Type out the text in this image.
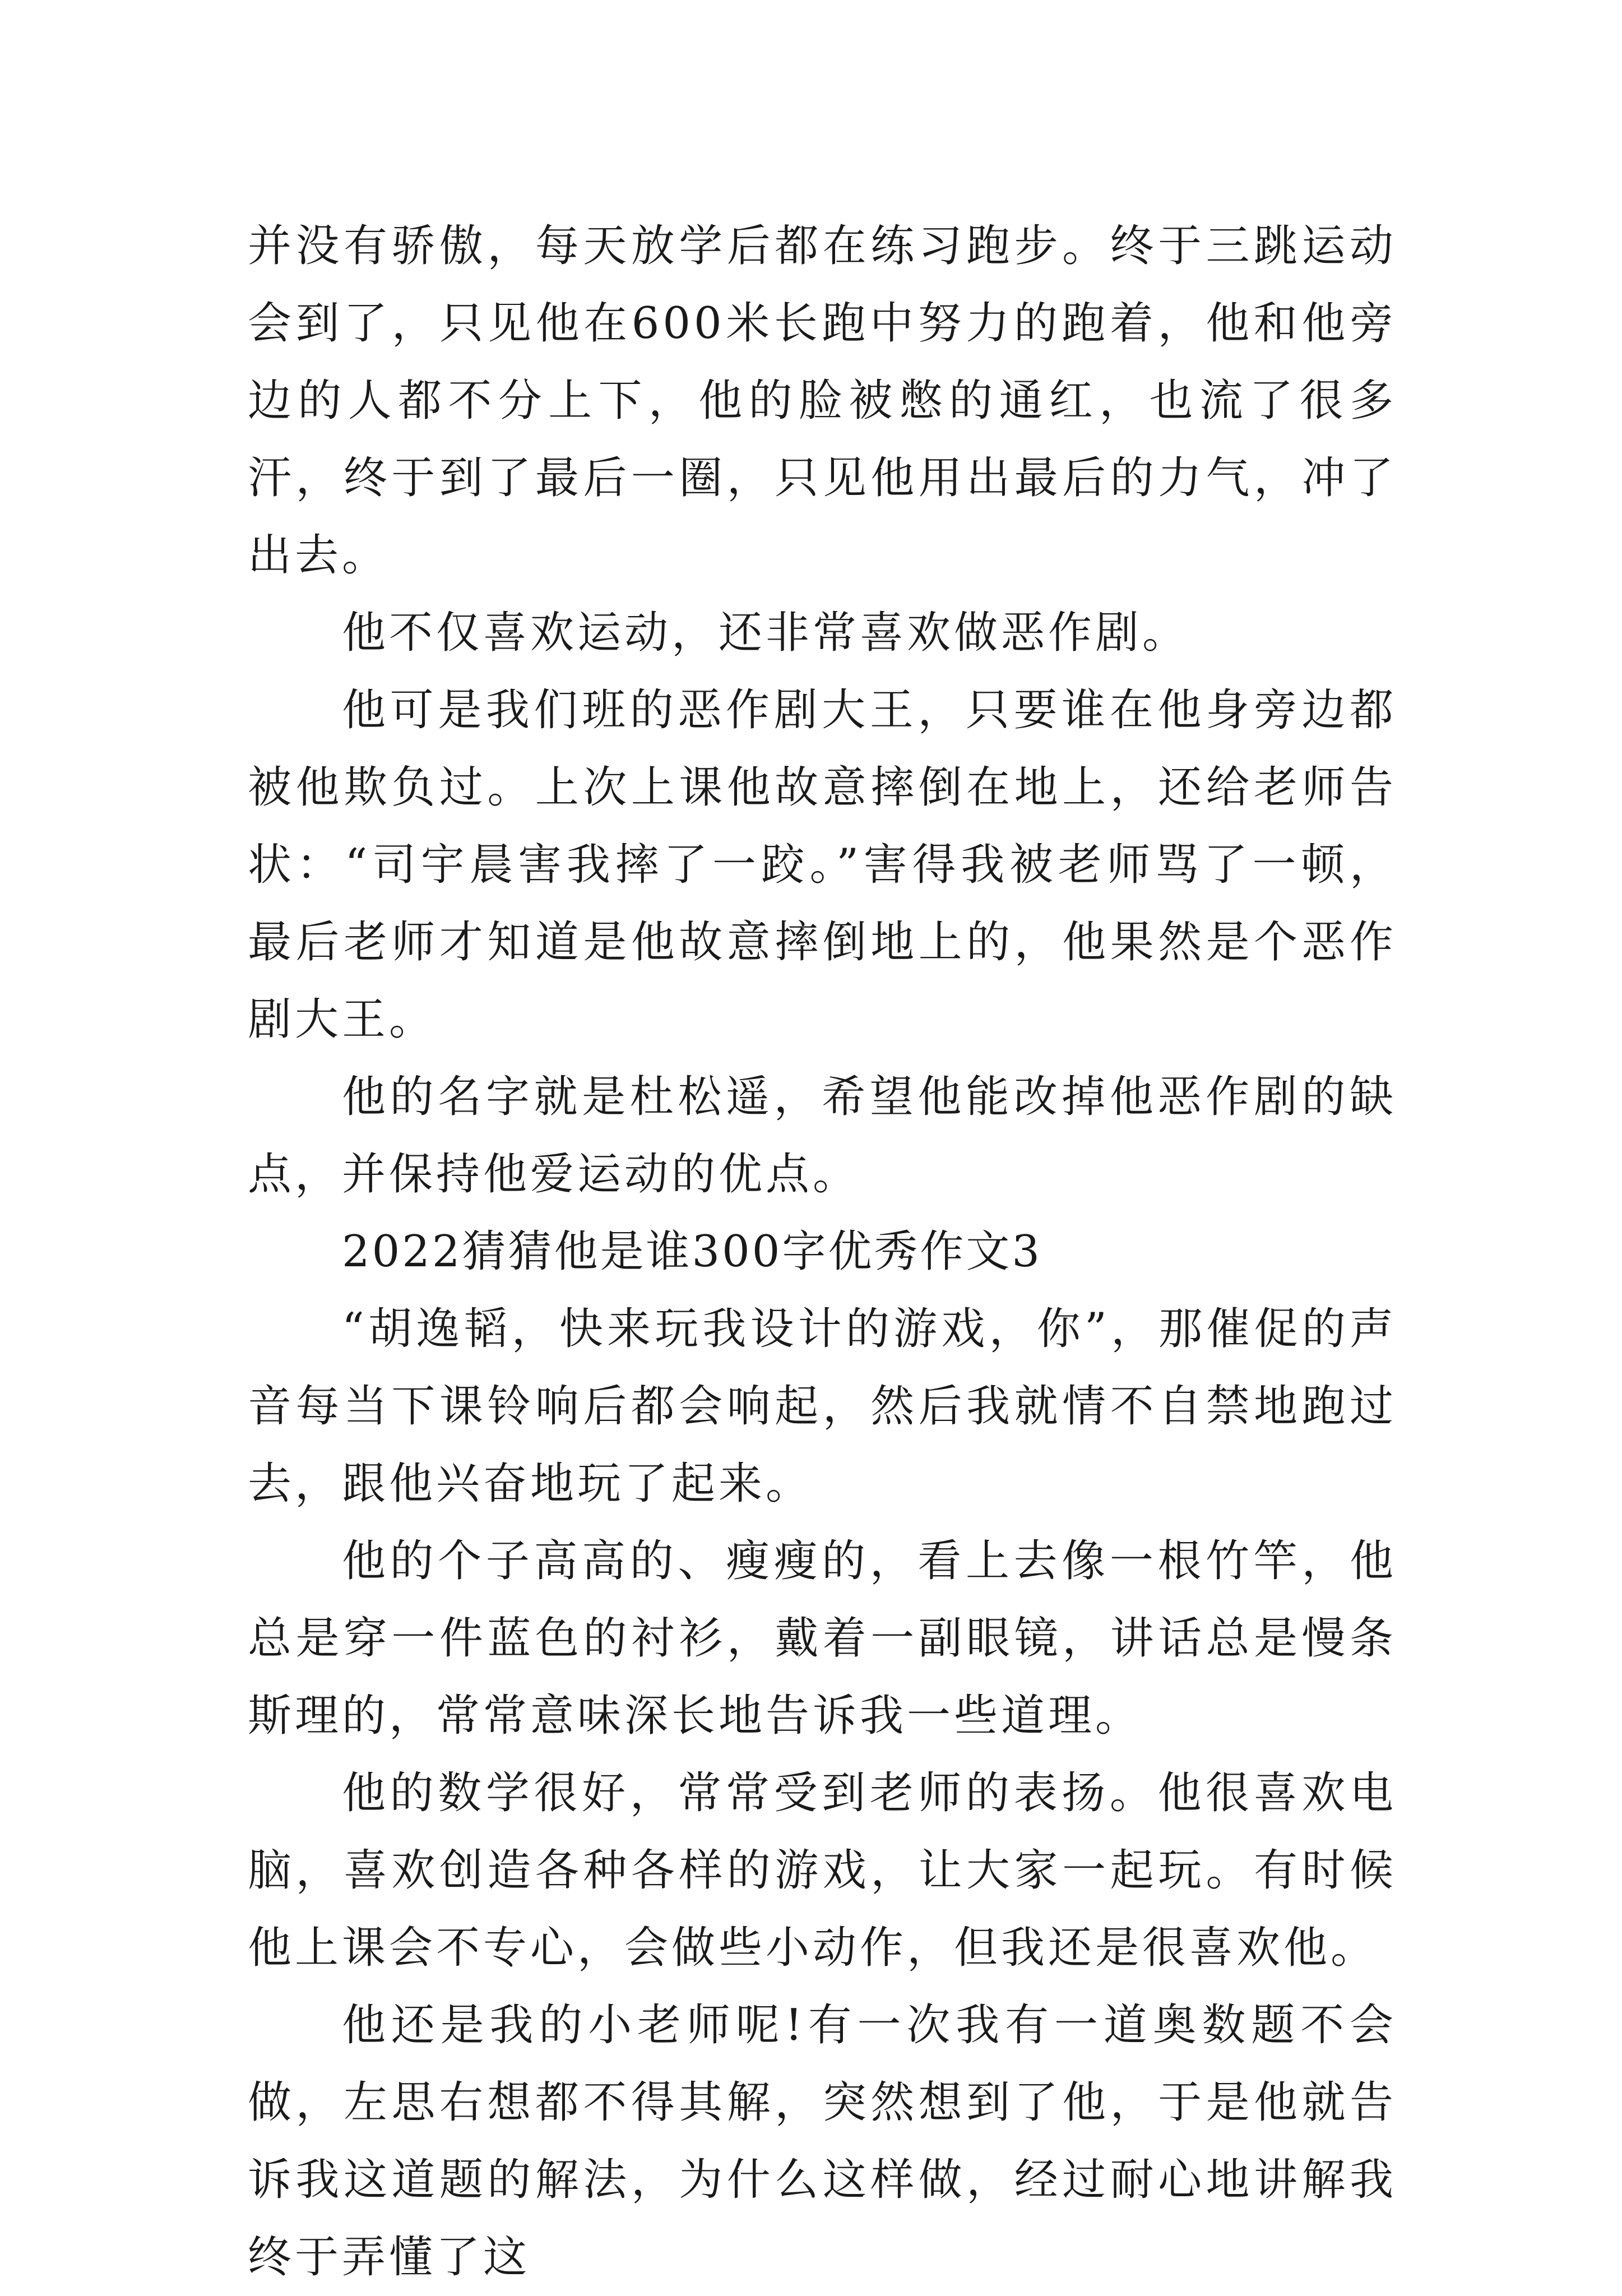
并没有骄傲，每天放学后都在练习跑步。终于三跳运动会到了，只见他在600米长跑中努力的跑着，他和他旁边的人都不分上下，他的脸被憋的通红，也流了很多汗，终于到了最后一圈，只见他用出最后的力气，冲了出去。

他不仅喜欢运动，还非常喜欢做恶作剧。

他可是我们班的恶作剧大王，只要谁在他身旁边都被他欺负过。上次上课他故意摔倒在地上，还给老师告状：“司宇晨害我摔了一跤。”害得我被老师骂了一顿，最后老师才知道是他故意摔倒地上的，他果然是个恶作剧大王。

他的名字就是杜松遥，希望他能改掉他恶作剧的缺点，并保持他爱运动的优点。

2022猜猜他是谁300字优秀作文3

“胡逸韬，快来玩我设计的游戏，你”，那催促的声音每当下课铃响后都会响起，然后我就情不自禁地跑过去，跟他兴奋地玩了起来。

他的个子高高的、瘦瘦的，看上去像一根竹竿，他总是穿一件蓝色的衬衫，戴着一副眼镜，讲话总是慢条斯理的，常常意味深长地告诉我一些道理。

他的数学很好，常常受到老师的表扬。他很喜欢电脑，喜欢创造各种各样的游戏，让大家一起玩。有时候他上课会不专心，会做些小动作，但我还是很喜欢他。

他还是我的小老师呢!有一次我有一道奥数题不会做，左思右想都不得其解，突然想到了他，于是他就告诉我这道题的解法，为什么这样做，经过耐心地讲解我终于弄懂了这
